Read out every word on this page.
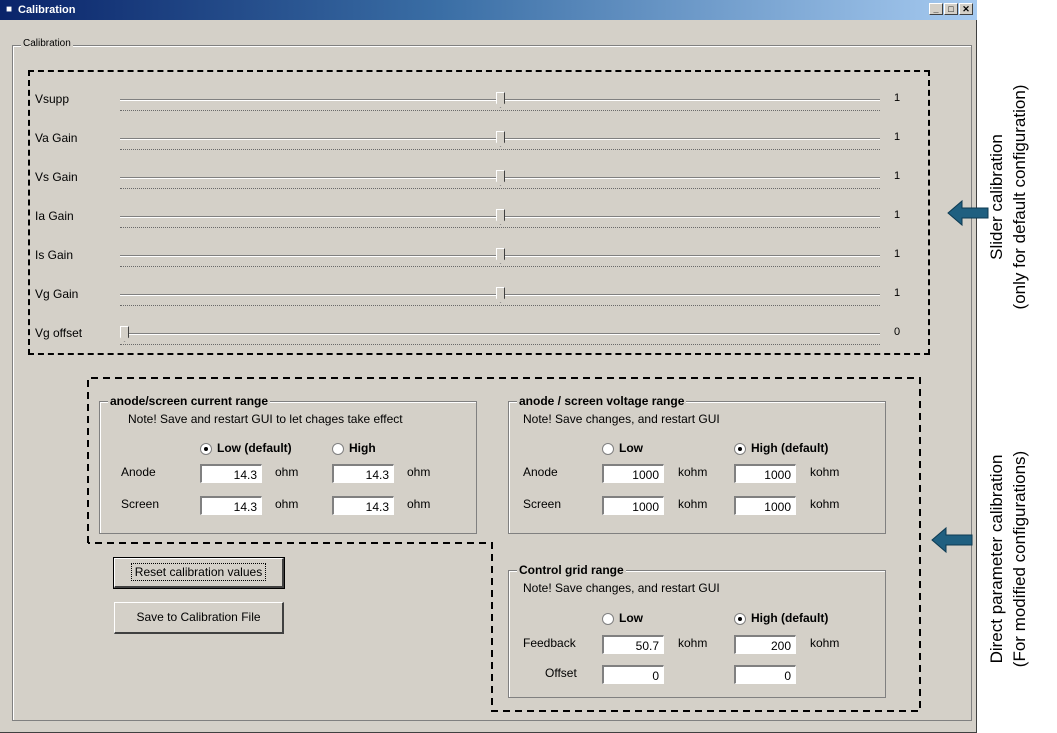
■ Calibration	_	□ ✕
Calibration
Vsupp	1
Va Gain	1
Vs Gain	1
Ia Gain	1
Is Gain	1
Vg Gain	1
Vg offset	0
anode/screen current range
Note! Save and restart GUI to let chages take effect
Low (default)	High
Anode	14.3	ohm	14.3	ohm
Screen	14.3	ohm	14.3	ohm
anode / screen voltage range
Note! Save changes, and restart GUI
Low	High (default)
Anode	1000	kohm	1000	kohm
Screen	1000	kohm	1000	kohm
Control grid range
Note! Save changes, and restart GUI
Low	High (default)
Feedback	50.7	kohm	200	kohm
Offset	0	0
Reset calibration values
Save to Calibration File
Slider calibration (only for default configuration)
Direct parameter calibration (For modified configurations)
